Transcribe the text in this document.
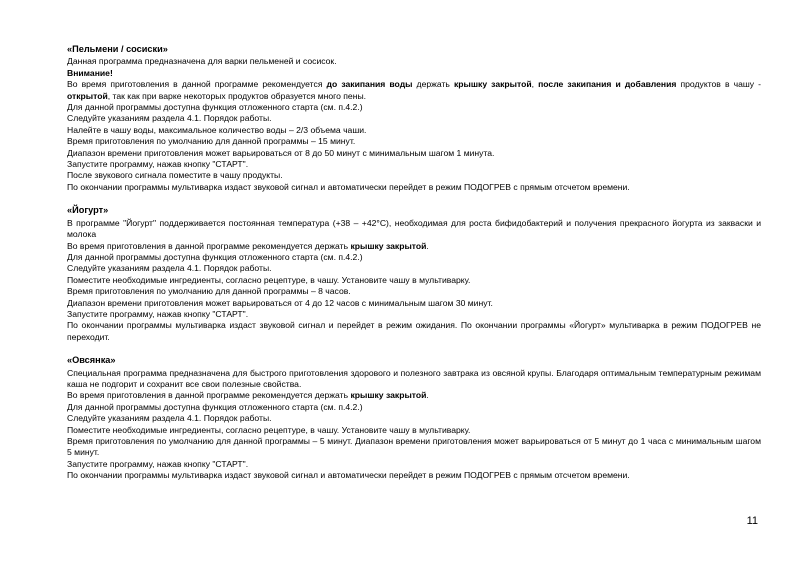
«Пельмени / сосиски»

Данная программа предназначена для варки пельменей и сосисок.

Внимание!

Во время приготовления в данной программе рекомендуется до закипания воды держать крышку закрытой, после закипания и добавления продуктов в чашу - открытой, так как при варке некоторых продуктов образуется много пены.

Для данной программы доступна функция отложенного старта (см. п.4.2.)

Следуйте указаниям раздела 4.1. Порядок работы.

Налейте в чашу воды, максимальное количество воды – 2/3 объема чаши.

Время приготовления по умолчанию для данной программы – 15 минут.

Диапазон времени приготовления может варьироваться от 8 до 50 минут с минимальным шагом 1 минута.

Запустите программу, нажав кнопку "СТАРТ".

После звукового сигнала поместите в чашу продукты.

По окончании программы мультиварка издаст звуковой сигнал и автоматически перейдет в режим ПОДОГРЕВ с прямым отсчетом времени.

«Йогурт»

В программе "Йогурт" поддерживается постоянная температура (+38 – +42°С), необходимая для роста бифидобактерий и получения прекрасного йогурта из закваски и молока

Во время приготовления в данной программе рекомендуется держать крышку закрытой.

Для данной программы доступна функция отложенного старта (см. п.4.2.)

Следуйте указаниям раздела 4.1. Порядок работы.

Поместите необходимые ингредиенты, согласно рецептуре, в чашу. Установите чашу в мультиварку.

Время приготовления по умолчанию для данной программы – 8 часов.

Диапазон времени приготовления может варьироваться от 4 до 12 часов с минимальным шагом 30 минут.

Запустите программу, нажав кнопку "СТАРТ".

По окончании программы мультиварка издаст звуковой сигнал и перейдет в режим ожидания. По окончании программы «Йогурт» мультиварка в режим ПОДОГРЕВ не переходит.

«Овсянка»

Специальная программа предназначена для быстрого приготовления здорового и полезного завтрака из овсяной крупы. Благодаря оптимальным температурным режимам каша не подгорит и сохранит все свои полезные свойства.

Во время приготовления в данной программе рекомендуется держать крышку закрытой.

Для данной программы доступна функция отложенного старта (см. п.4.2.)

Следуйте указаниям раздела 4.1. Порядок работы.

Поместите необходимые ингредиенты, согласно рецептуре, в чашу. Установите чашу в мультиварку.

Время приготовления по умолчанию для данной программы – 5 минут. Диапазон времени приготовления может варьироваться от 5 минут до 1 часа с минимальным шагом 5 минут.

Запустите программу, нажав кнопку "СТАРТ".

По окончании программы мультиварка издаст звуковой сигнал и автоматически перейдет в режим ПОДОГРЕВ с прямым отсчетом времени.

11
